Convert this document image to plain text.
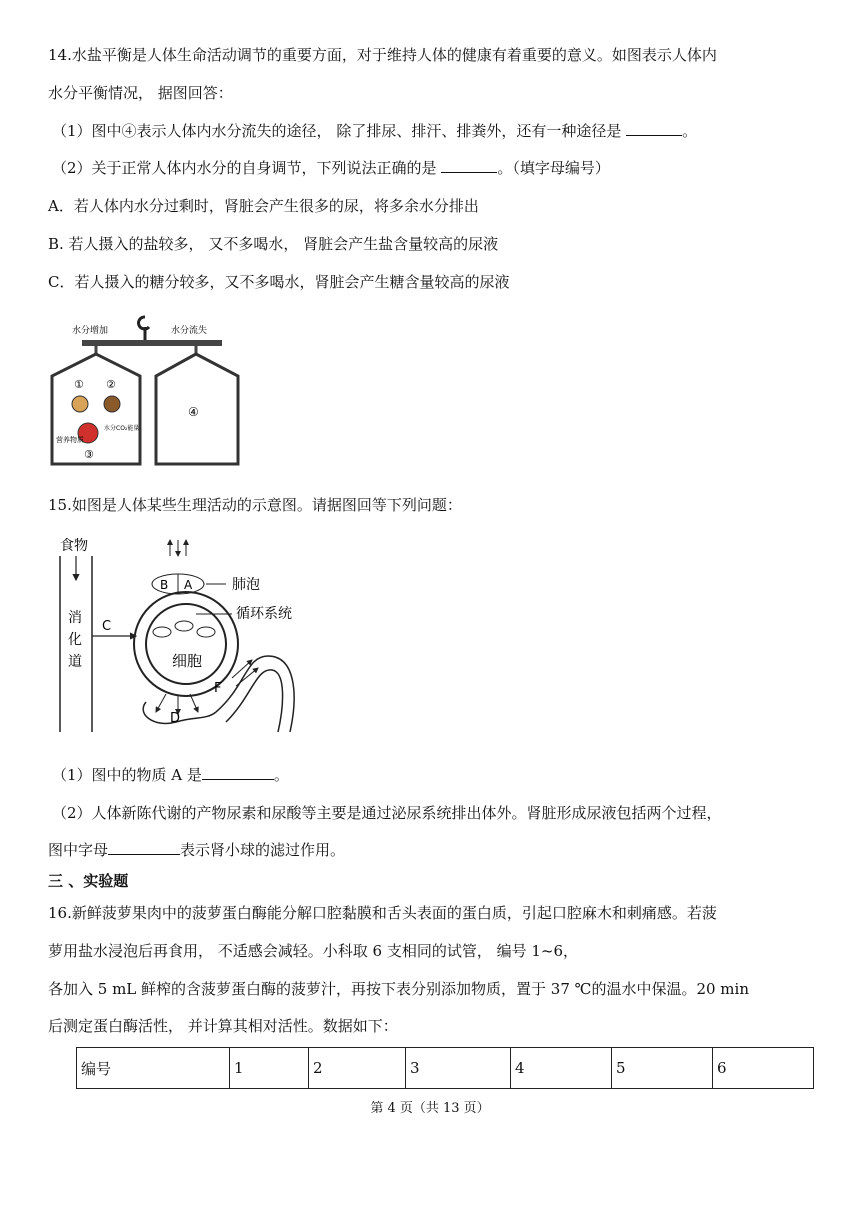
14.水盐平衡是人体生命活动调节的重要方面，对于维持人体的健康有着重要的意义。如图表示人体内
水分平衡情况， 据图回答：
（1）图中④表示人体内水分流失的途径， 除了排尿、排汗、排粪外，还有一种途径是	。
（2）关于正常人体内水分的自身调节，下列说法正确的是	。（填字母编号）
A．若人体内水分过剩时，肾脏会产生很多的尿，将多余水分排出
B. 若人摄入的盐较多， 又不多喝水， 肾脏会产生盐含量较高的尿液
C．若人摄入的糖分较多，又不多喝水，肾脏会产生糖含量较高的尿液
水分增加	水分流失
① ②
营养物质
水分CO₂能量
③
④
15.如图是人体某些生理活动的示意图。请据图回等下列问题：
食物
消
化
道
C
B A	肺泡
循环系统
细胞
D
F
（1）图中的物质 A 是	。
（2）人体新陈代谢的产物尿素和尿酸等主要是通过泌尿系统排出体外。肾脏形成尿液包括两个过程，
图中字母	表示肾小球的滤过作用。
三 、实验题
16.新鲜菠萝果肉中的菠萝蛋白酶能分解口腔黏膜和舌头表面的蛋白质，引起口腔麻木和刺痛感。若菠
萝用盐水浸泡后再食用， 不适感会减轻。小科取 6 支相同的试管， 编号 1~6，
各加入 5 mL 鲜榨的含菠萝蛋白酶的菠萝汁，再按下表分别添加物质，置于 37 ℃的温水中保温。20 min
后测定蛋白酶活性， 并计算其相对活性。数据如下：
编号	1	2	3	4	5	6
第 4 页（共 13 页）
